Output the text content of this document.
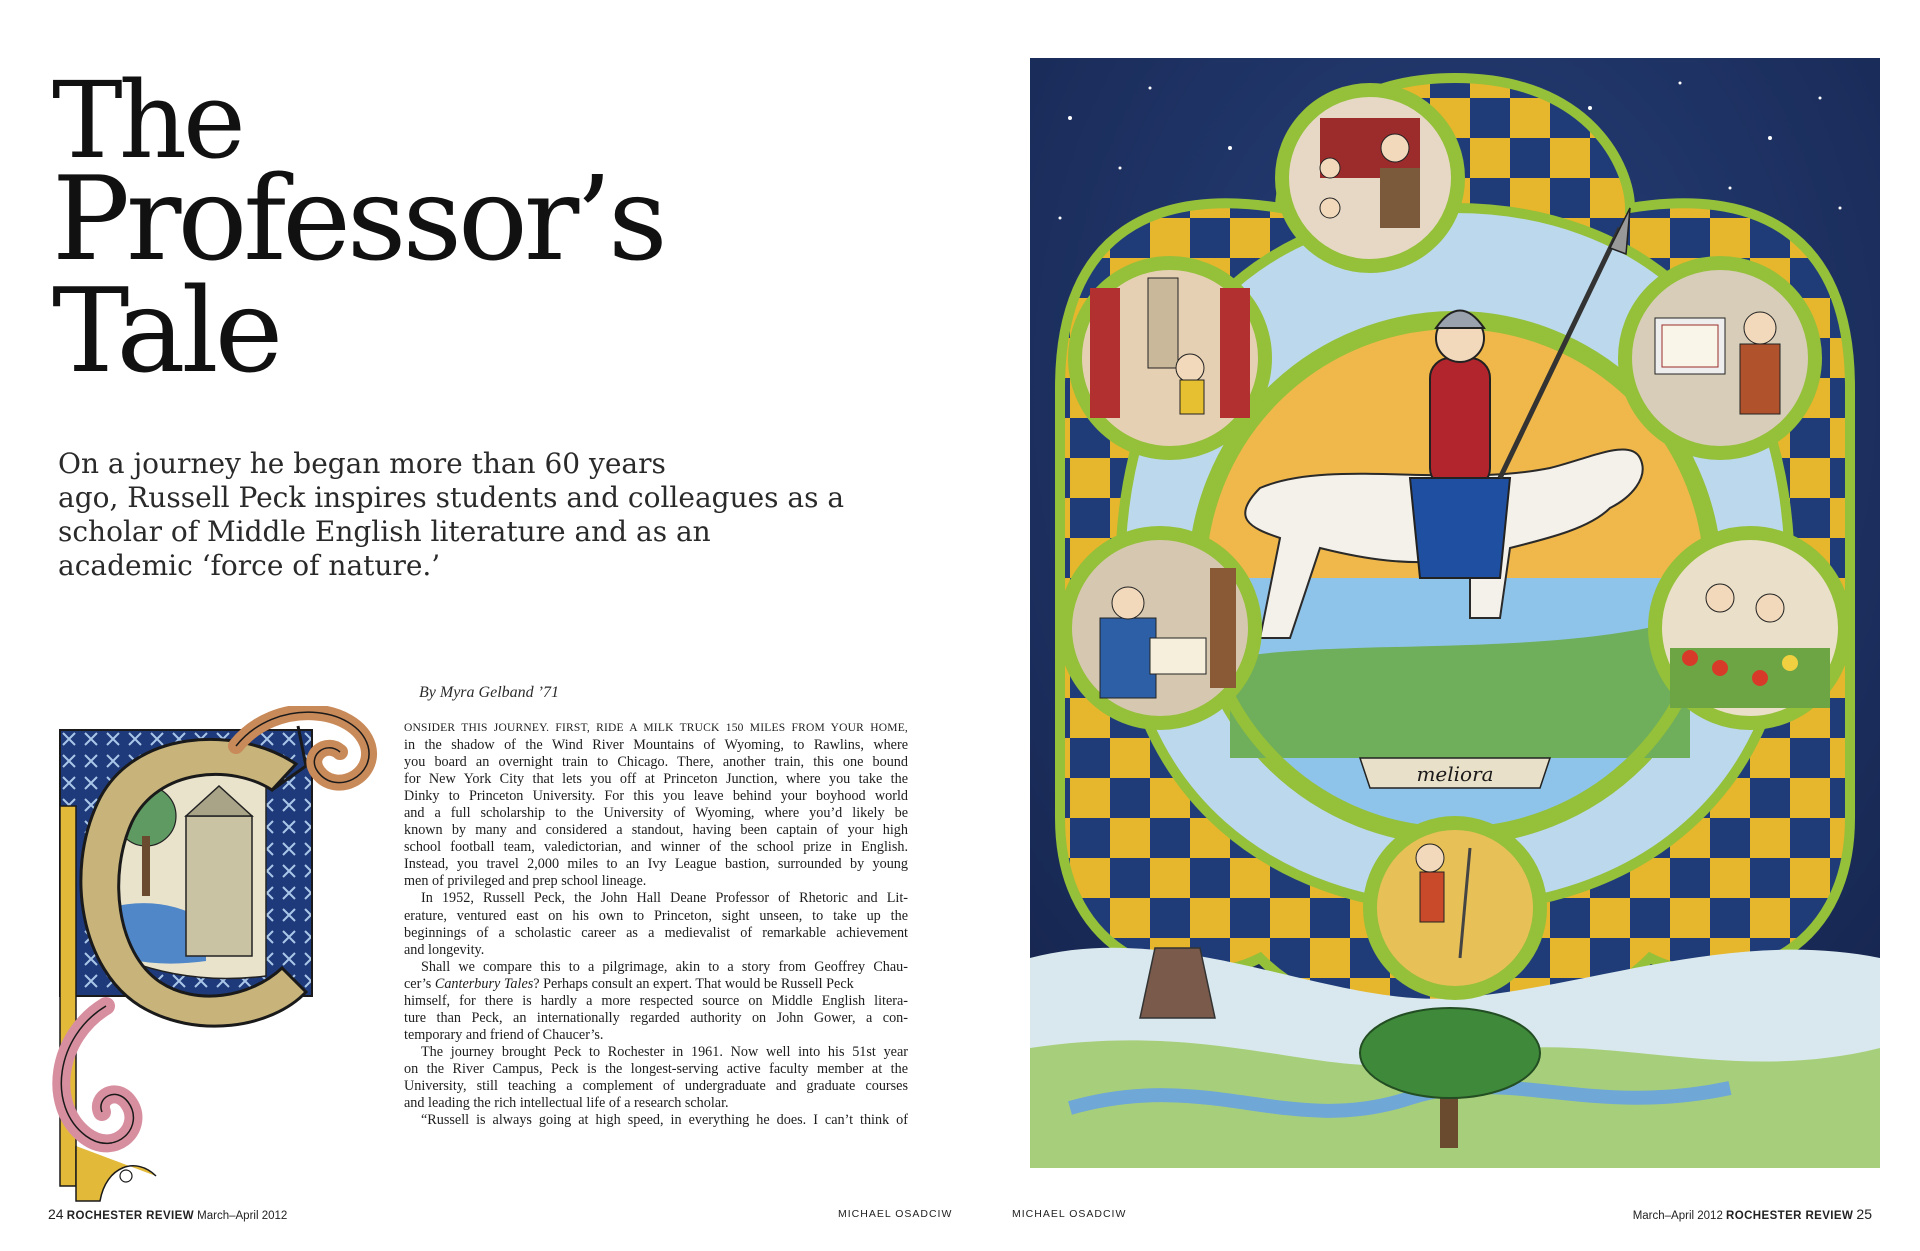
The
Professor’s
Tale
On a journey he began more than 60 years
ago, Russell Peck inspires students and colleagues as a
scholar of Middle English literature and as an
academic ‘force of nature.’
By Myra Gelband ’71
ONSIDER THIS JOURNEY. FIRST, RIDE A MILK TRUCK 150 MILES FROM YOUR HOME,
in the shadow of the Wind River Mountains of Wyoming, to Rawlins, where
you board an overnight train to Chicago. There, another train, this one bound
for New York City that lets you off at Princeton Junction, where you take the
Dinky to Princeton University. For this you leave behind your boyhood world
and a full scholarship to the University of Wyoming, where you’d likely be
known by many and considered a standout, having been captain of your high
school football team, valedictorian, and winner of the school prize in English.
Instead, you travel 2,000 miles to an Ivy League bastion, surrounded by young
men of privileged and prep school lineage.
In 1952, Russell Peck, the John Hall Deane Professor of Rhetoric and Lit-
erature, ventured east on his own to Princeton, sight unseen, to take up the
beginnings of a scholastic career as a medievalist of remarkable achievement
and longevity.
Shall we compare this to a pilgrimage, akin to a story from Geoffrey Chau-
cer’s Canterbury Tales? Perhaps consult an expert. That would be Russell Peck
himself, for there is hardly a more respected source on Middle English litera-
ture than Peck, an internationally regarded authority on John Gower, a con-
temporary and friend of Chaucer’s.
The journey brought Peck to Rochester in 1961. Now well into his 51st year
on the River Campus, Peck is the longest-serving active faculty member at the
University, still teaching a complement of undergraduate and graduate courses
and leading the rich intellectual life of a research scholar.
“Russell is always going at high speed, in everything he does. I can’t think of
24 ROCHESTER REVIEW March–April 2012	MICHAEL OSADCIW
meliora
MICHAEL OSADCIW	March–April 2012 ROCHESTER REVIEW 25
